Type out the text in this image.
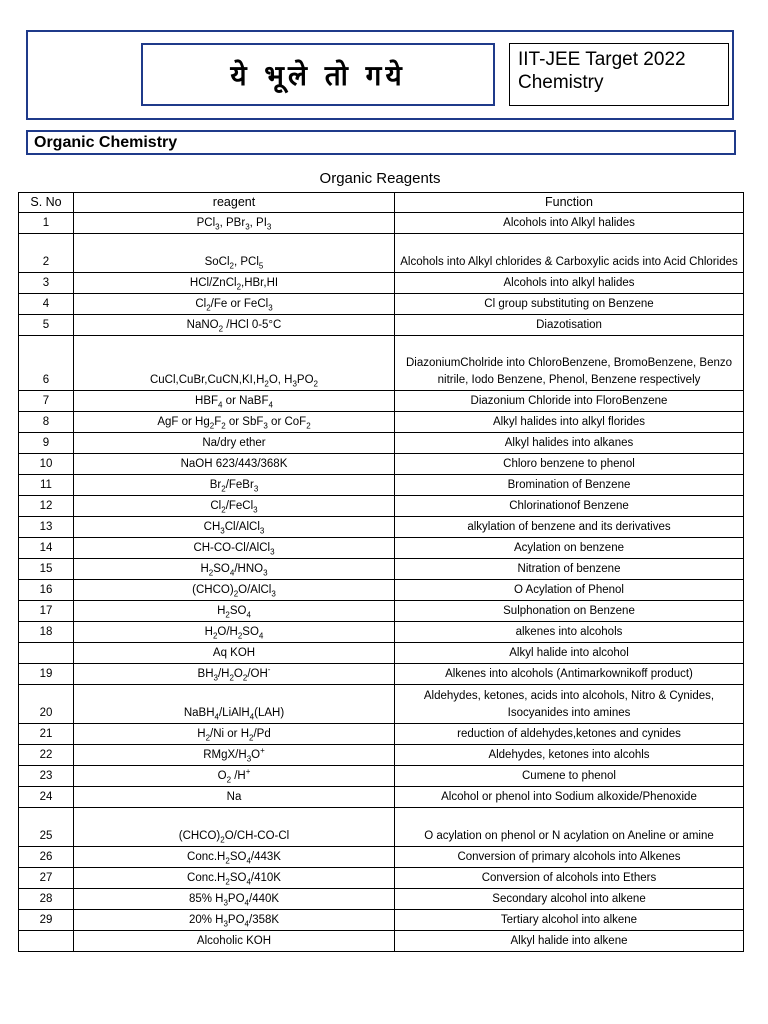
ये भूले तो गये	IIT-JEE Target 2022
Chemistry
Organic Chemistry
Organic Reagents
S. No	reagent	Function
1	PCl$_3$, PBr$_3$, $PI_3$	Alcohols into Alkyl halides
2	SoCl$_2$, PCl$_5$	Alcohols into Alkyl chlorides & Carboxylic acids into Acid Chlorides
3	HCl/ZnCl$_2$,HBr,HI	Alcohols into alkyl halides
4	$Cl_2/Fe$ or FeCl$_3$	Cl group substituting on Benzene
5	NaNO$_2$ /HCl 0-5°C	Diazotisation
6	$CuCl,CuBr,CuCN,KI,H_2O$, $H_3PO_2$	DiazoniumCholride into ChloroBenzene, BromoBenzene, Benzo nitrile, Iodo Benzene, Phenol, Benzene respectively
7	$HBF_4$ or NaBF$_4$	Diazonium Chloride into FloroBenzene
8	AgF or $Hg_2F_2$ or SbF$_3$ or CoF$_2$	Alkyl halides into alkyl florides
9	Na/dry ether	Alkyl halides into alkanes
10	NaOH 623/443/368K	Chloro benzene to phenol
11	$Br_2/FeBr_3$	Bromination of Benzene
12	$Cl_2/FeCl_3$	Chlorinationof Benzene
13	$CH_3Cl/AlCl_3$	alkylation of benzene and its derivatives
14	CH-CO-Cl/AlCl$_3$	Acylation on benzene
15	$H_2SO_4/HNO_3$	Nitration of benzene
16	$(CHCO)_2O/AlCl_3$	O Acylation of Phenol
17	$H_2SO_4$	Sulphonation on Benzene
18	$H_2O/H_2SO_4$	alkenes into alcohols
	Aq KOH	Alkyl halide into alcohol
19	$BH_3/H_2O_2/OH^-$	Alkenes into alcohols (Antimarkownikoff product)
20	NaBH$_4$/LiAlH$_4$(LAH)	Aldehydes, ketones, acids into alcohols, Nitro & Cynides, Isocyanides into amines
21	$H_2/Ni$ or $H_2/Pd$	reduction of aldehydes,ketones and cynides
22	RMgX/$H_3O^+$	Aldehydes, ketones into alcohls
23	$O_2$ /H+	Cumene to phenol
24	Na	Alcohol or phenol into Sodium alkoxide/Phenoxide
25	$(CHCO)_2O/CH-CO-Cl$	O acylation on phenol or N acylation on Aneline or amine
26	$Conc.H_2SO_4/443K$	Conversion of primary alcohols into Alkenes
27	$Conc.H_2SO_4/410K$	Conversion of alcohols into Ethers
28	85% $H_3PO_4/440K$	Secondary alcohol into alkene
29	20% $H_3PO_4/358K$	Tertiary alcohol into alkene
	Alcoholic KOH	Alkyl halide into alkene
